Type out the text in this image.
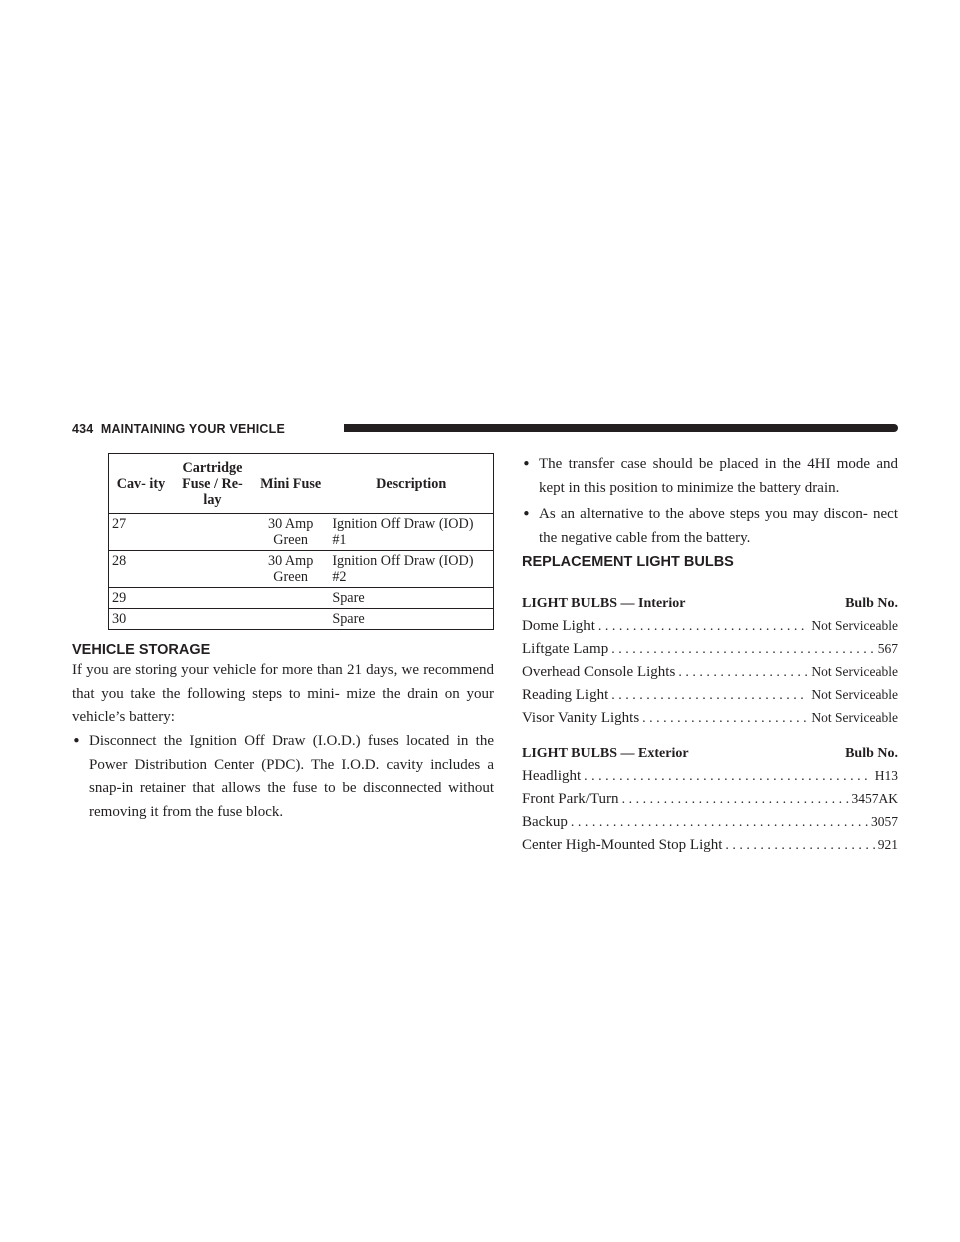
434 MAINTAINING YOUR VEHICLE
Cav- ity	Cartridge Fuse / Re- lay	Mini Fuse	Description
27		30 Amp Green	Ignition Off Draw (IOD) #1
28		30 Amp Green	Ignition Off Draw (IOD) #2
29			Spare
30			Spare
VEHICLE STORAGE

If you are storing your vehicle for more than 21 days, we recommend that you take the following steps to mini- mize the drain on your vehicle’s battery:

• Disconnect the Ignition Off Draw (I.O.D.) fuses located in the Power Distribution Center (PDC). The I.O.D. cavity includes a snap-in retainer that allows the fuse to be disconnected without removing it from the fuse block.
• The transfer case should be placed in the 4HI mode and kept in this position to minimize the battery drain.
• As an alternative to the above steps you may discon- nect the negative cable from the battery.
REPLACEMENT LIGHT BULBS
LIGHT BULBS — Interior	Bulb No.
Dome Light . . .	Not Serviceable
Liftgate Lamp . . .	567
Overhead Console Lights . . .	Not Serviceable
Reading Light . . .	Not Serviceable
Visor Vanity Lights . . .	Not Serviceable
LIGHT BULBS — Exterior	Bulb No.
Headlight . . .	H13
Front Park/Turn . . .	3457AK
Backup . . .	3057
Center High-Mounted Stop Light . . .	921
